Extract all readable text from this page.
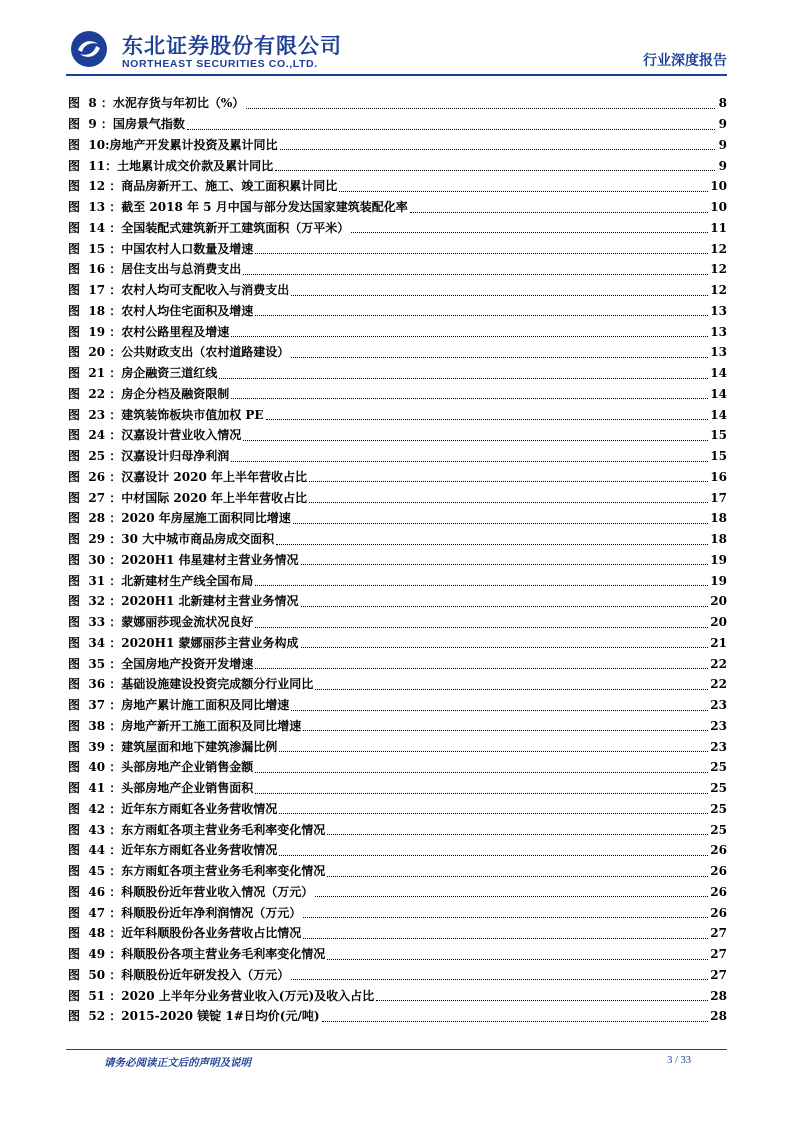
东北证券股份有限公司
NORTHEAST SECURITIES CO.,LTD.	行业深度报告
图  8 ： 水泥存货与年初比（%）	8
图  9 ： 国房景气指数	9
图  10 :房地产开发累计投资及累计同比	9
图  11 ：土地累计成交价款及累计同比	9
图  12 ： 商品房新开工、施工、竣工面积累计同比	10
图  13 ： 截至 2018 年 5 月中国与部分发达国家建筑装配化率	10
图  14 ： 全国装配式建筑新开工建筑面积（万平米）	11
图  15 ： 中国农村人口数量及增速	12
图  16 ： 居住支出与总消费支出	12
图  17 ： 农村人均可支配收入与消费支出	12
图  18 ： 农村人均住宅面积及增速	13
图  19 ： 农村公路里程及增速	13
图  20 ： 公共财政支出（农村道路建设）	13
图  21 ： 房企融资三道红线	14
图  22 ： 房企分档及融资限制	14
图  23 ： 建筑装饰板块市值加权 PE	14
图  24 ： 汉嘉设计营业收入情况	15
图  25 ： 汉嘉设计归母净利润	15
图  26 ： 汉嘉设计 2020 年上半年营收占比	16
图  27 ： 中材国际 2020 年上半年营收占比	17
图  28 ： 2020 年房屋施工面积同比增速	18
图  29 ： 30 大中城市商品房成交面积	18
图  30 ： 2020H1 伟星建材主营业务情况	19
图  31 ： 北新建材生产线全国布局	19
图  32 ： 2020H1 北新建材主营业务情况	20
图  33 ： 蒙娜丽莎现金流状况良好	20
图  34 ： 2020H1 蒙娜丽莎主营业务构成	21
图  35 ： 全国房地产投资开发增速	22
图  36 ： 基础设施建设投资完成额分行业同比	22
图  37 ： 房地产累计施工面积及同比增速	23
图  38 ： 房地产新开工施工面积及同比增速	23
图  39 ： 建筑屋面和地下建筑渗漏比例	23
图  40 ： 头部房地产企业销售金额	25
图  41 ： 头部房地产企业销售面积	25
图  42 ： 近年东方雨虹各业务营收情况	25
图  43 ： 东方雨虹各项主营业务毛利率变化情况	25
图  44 ： 近年东方雨虹各业务营收情况	26
图  45 ： 东方雨虹各项主营业务毛利率变化情况	26
图  46 ： 科顺股份近年营业收入情况（万元）	26
图  47 ： 科顺股份近年净利润情况（万元）	26
图  48 ： 近年科顺股份各业务营收占比情况	27
图  49 ： 科顺股份各项主营业务毛利率变化情况	27
图  50 ： 科顺股份近年研发投入（万元）	27
图  51 ： 2020 上半年分业务营业收入(万元)及收入占比	28
图  52 ： 2015-2020 镁锭 1#日均价(元/吨)	28
请务必阅读正文后的声明及说明	3 / 33
